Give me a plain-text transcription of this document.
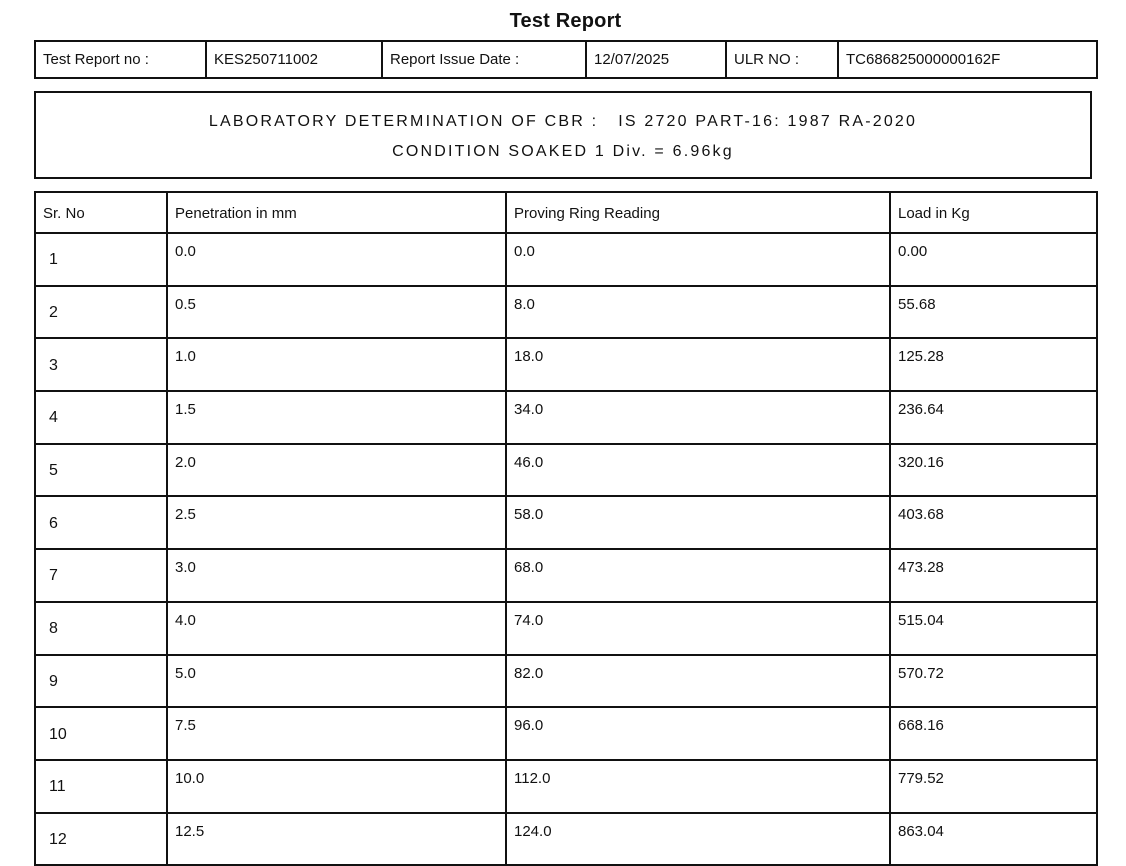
Test Report
Test Report no :	KES250711002	Report Issue Date :	12/07/2025	ULR NO :	TC686825000000162F
LABORATORY DETERMINATION OF CBR :   IS 2720 PART-16: 1987 RA-2020
CONDITION SOAKED 1 Div. = 6.96kg
Sr. No	Penetration in mm	Proving Ring Reading	Load in Kg
1	0.0	0.0	0.00
2	0.5	8.0	55.68
3	1.0	18.0	125.28
4	1.5	34.0	236.64
5	2.0	46.0	320.16
6	2.5	58.0	403.68
7	3.0	68.0	473.28
8	4.0	74.0	515.04
9	5.0	82.0	570.72
10	7.5	96.0	668.16
11	10.0	112.0	779.52
12	12.5	124.0	863.04
